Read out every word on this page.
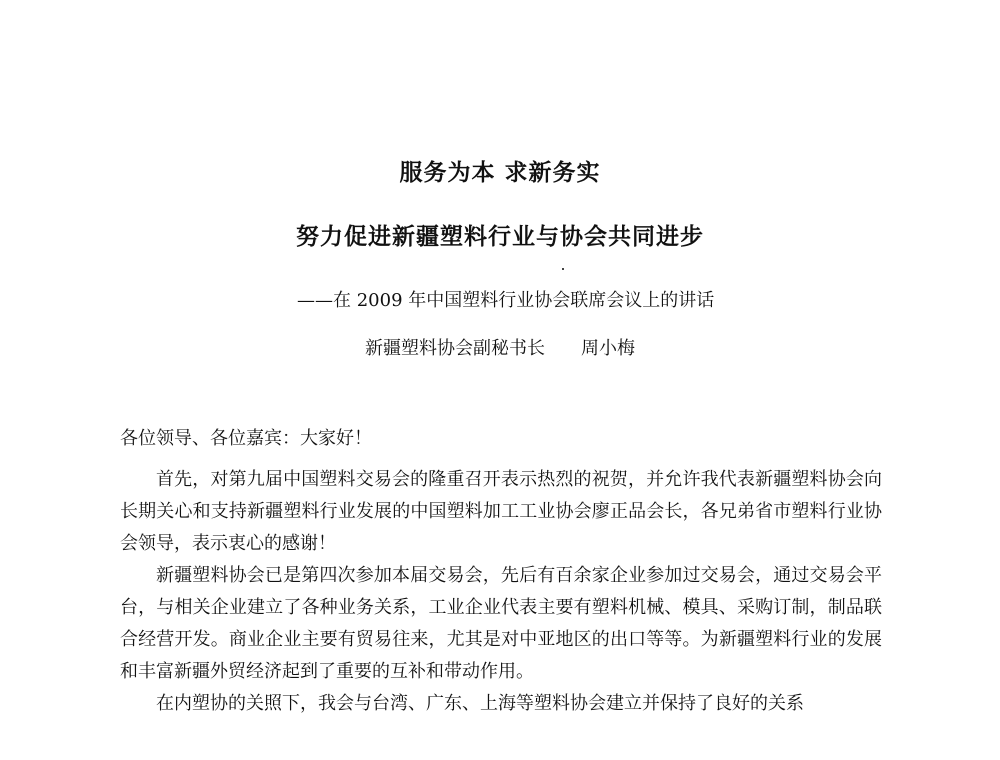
服务为本 求新务实
努力促进新疆塑料行业与协会共同进步
——在 2009 年中国塑料行业协会联席会议上的讲话
新疆塑料协会副秘书长 周小梅
各位领导、各位嘉宾：大家好！

首先，对第九届中国塑料交易会的隆重召开表示热烈的祝贺，并允许我代表新疆塑料协会向长期关心和支持新疆塑料行业发展的中国塑料加工工业协会廖正品会长，各兄弟省市塑料行业协会领导，表示衷心的感谢！

新疆塑料协会已是第四次参加本届交易会，先后有百余家企业参加过交易会，通过交易会平台，与相关企业建立了各种业务关系，工业企业代表主要有塑料机械、模具、采购订制，制品联合经营开发。商业企业主要有贸易往来，尤其是对中亚地区的出口等等。为新疆塑料行业的发展和丰富新疆外贸经济起到了重要的互补和带动作用。

在内塑协的关照下，我会与台湾、广东、上海等塑料协会建立并保持了良好的关系
